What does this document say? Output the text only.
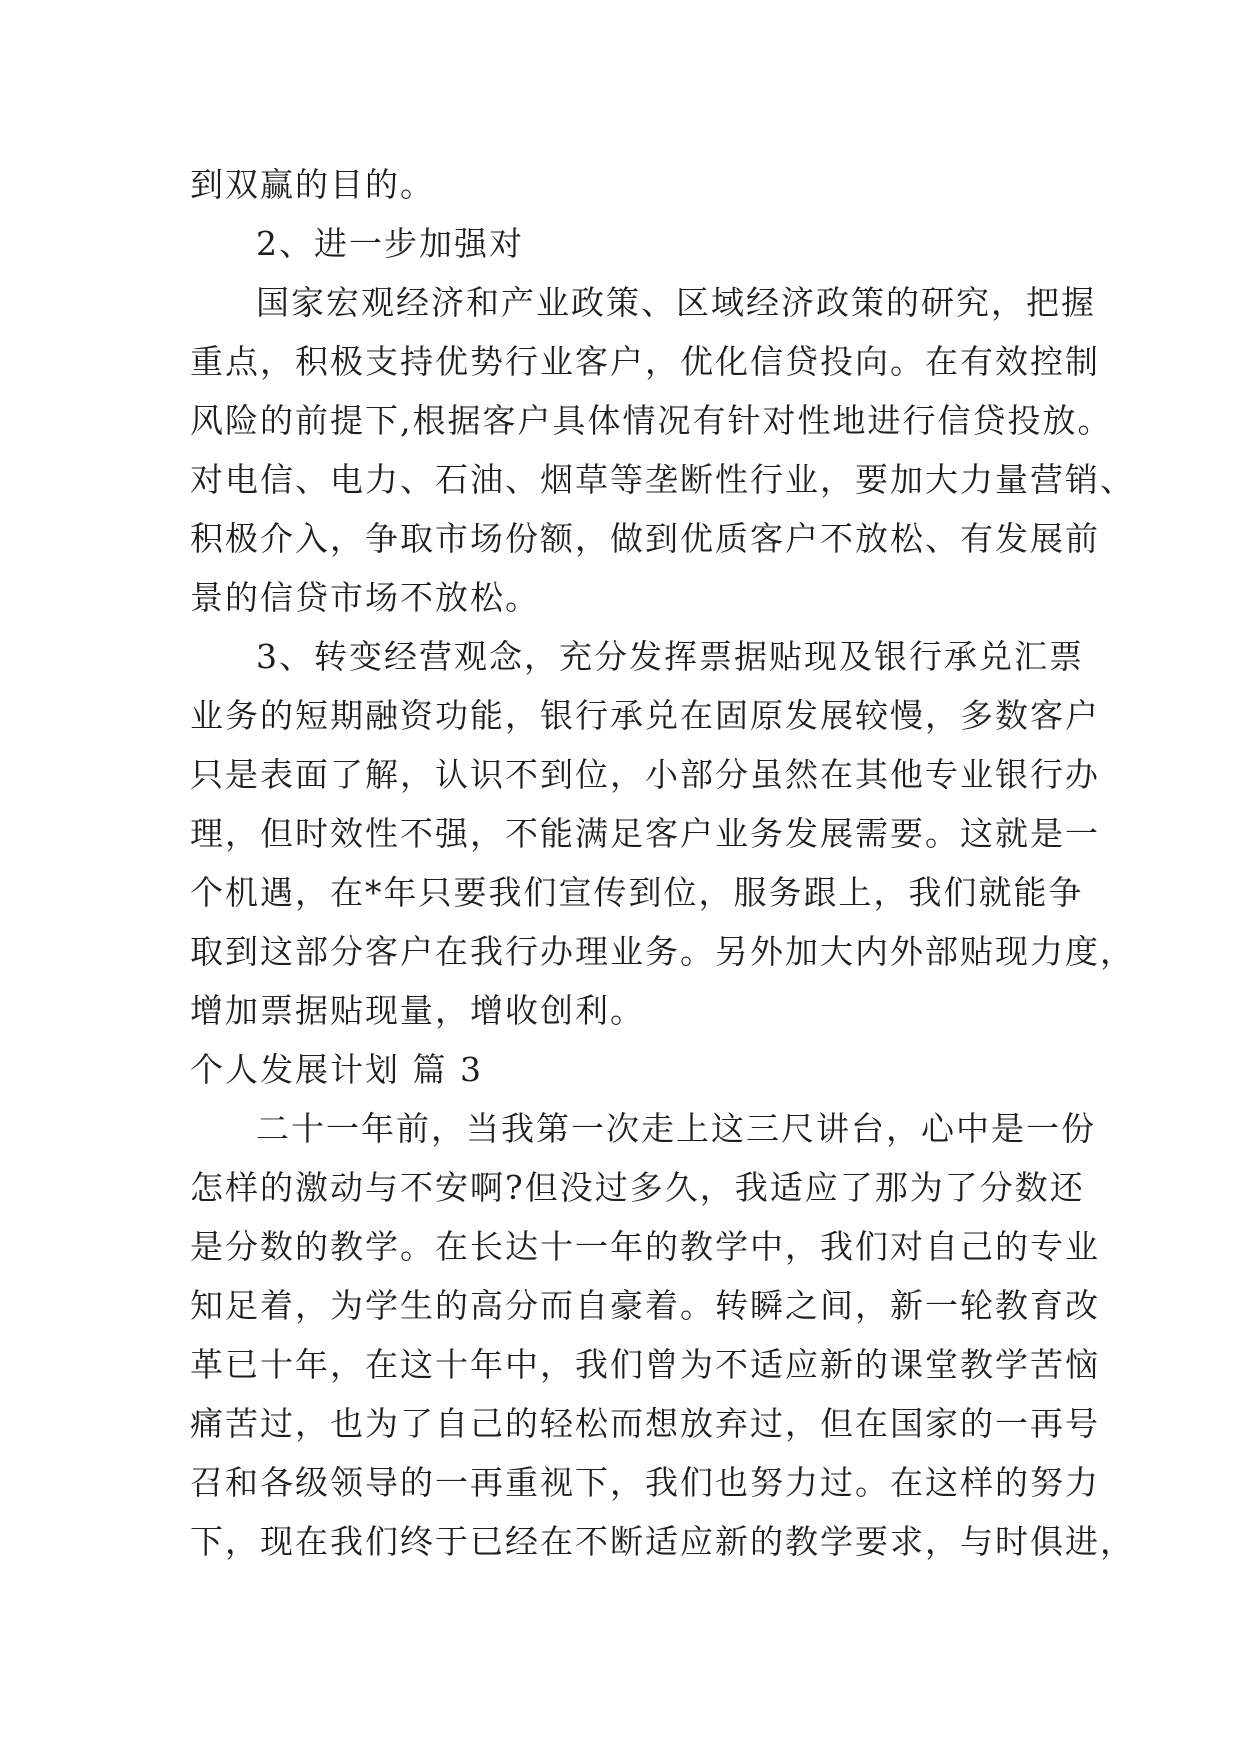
到双赢的目的。
2、进一步加强对
国家宏观经济和产业政策、区域经济政策的研究，把握
重点，积极支持优势行业客户，优化信贷投向。在有效控制
风险的前提下,根据客户具体情况有针对性地进行信贷投放。
对电信、电力、石油、烟草等垄断性行业，要加大力量营销、
积极介入，争取市场份额，做到优质客户不放松、有发展前
景的信贷市场不放松。
3、转变经营观念，充分发挥票据贴现及银行承兑汇票
业务的短期融资功能，银行承兑在固原发展较慢，多数客户
只是表面了解，认识不到位，小部分虽然在其他专业银行办
理，但时效性不强，不能满足客户业务发展需要。这就是一
个机遇，在*年只要我们宣传到位，服务跟上，我们就能争
取到这部分客户在我行办理业务。另外加大内外部贴现力度，
增加票据贴现量，增收创利。
个人发展计划 篇 3
二十一年前，当我第一次走上这三尺讲台，心中是一份
怎样的激动与不安啊?但没过多久，我适应了那为了分数还
是分数的教学。在长达十一年的教学中，我们对自己的专业
知足着，为学生的高分而自豪着。转瞬之间，新一轮教育改
革已十年，在这十年中，我们曾为不适应新的课堂教学苦恼
痛苦过，也为了自己的轻松而想放弃过，但在国家的一再号
召和各级领导的一再重视下，我们也努力过。在这样的努力
下，现在我们终于已经在不断适应新的教学要求，与时俱进，
